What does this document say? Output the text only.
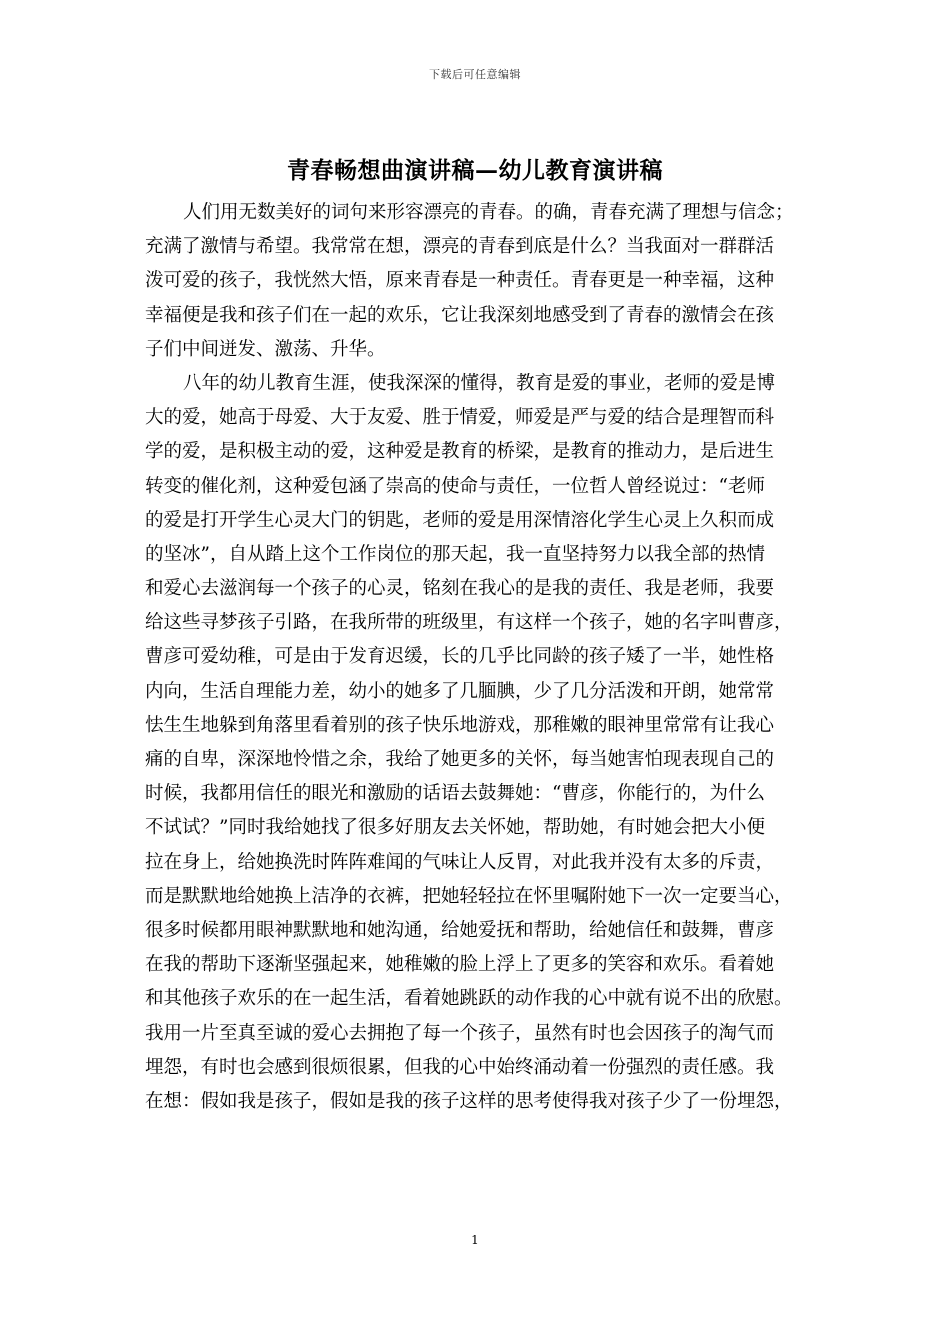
下载后可任意编辑
青春畅想曲演讲稿—幼儿教育演讲稿
人们用无数美好的词句来形容漂亮的青春。的确，青春充满了理想与信念；
充满了激情与希望。我常常在想，漂亮的青春到底是什么？当我面对一群群活
泼可爱的孩子，我恍然大悟，原来青春是一种责任。青春更是一种幸福，这种
幸福便是我和孩子们在一起的欢乐，它让我深刻地感受到了青春的激情会在孩
子们中间迸发、激荡、升华。
八年的幼儿教育生涯，使我深深的懂得，教育是爱的事业，老师的爱是博
大的爱，她高于母爱、大于友爱、胜于情爱，师爱是严与爱的结合是理智而科
学的爱，是积极主动的爱，这种爱是教育的桥梁，是教育的推动力，是后进生
转变的催化剂，这种爱包涵了崇高的使命与责任，一位哲人曾经说过：“老师
的爱是打开学生心灵大门的钥匙，老师的爱是用深情溶化学生心灵上久积而成
的坚冰”，自从踏上这个工作岗位的那天起，我一直坚持努力以我全部的热情
和爱心去滋润每一个孩子的心灵，铭刻在我心的是我的责任、我是老师，我要
给这些寻梦孩子引路，在我所带的班级里，有这样一个孩子，她的名字叫曹彦，
曹彦可爱幼稚，可是由于发育迟缓，长的几乎比同龄的孩子矮了一半，她性格
内向，生活自理能力差，幼小的她多了几腼腆，少了几分活泼和开朗，她常常
怯生生地躲到角落里看着别的孩子快乐地游戏，那稚嫩的眼神里常常有让我心
痛的自卑，深深地怜惜之余，我给了她更多的关怀，每当她害怕现表现自己的
时候，我都用信任的眼光和激励的话语去鼓舞她：“曹彦，你能行的，为什么
不试试？”同时我给她找了很多好朋友去关怀她，帮助她，有时她会把大小便
拉在身上，给她换洗时阵阵难闻的气味让人反胃，对此我并没有太多的斥责，
而是默默地给她换上洁净的衣裤，把她轻轻拉在怀里嘱附她下一次一定要当心，
很多时候都用眼神默默地和她沟通，给她爱抚和帮助，给她信任和鼓舞，曹彦
在我的帮助下逐渐坚强起来，她稚嫩的脸上浮上了更多的笑容和欢乐。看着她
和其他孩子欢乐的在一起生活，看着她跳跃的动作我的心中就有说不出的欣慰。
我用一片至真至诚的爱心去拥抱了每一个孩子，虽然有时也会因孩子的淘气而
埋怨，有时也会感到很烦很累，但我的心中始终涌动着一份强烈的责任感。我
在想：假如我是孩子，假如是我的孩子这样的思考使得我对孩子少了一份埋怨，
1
